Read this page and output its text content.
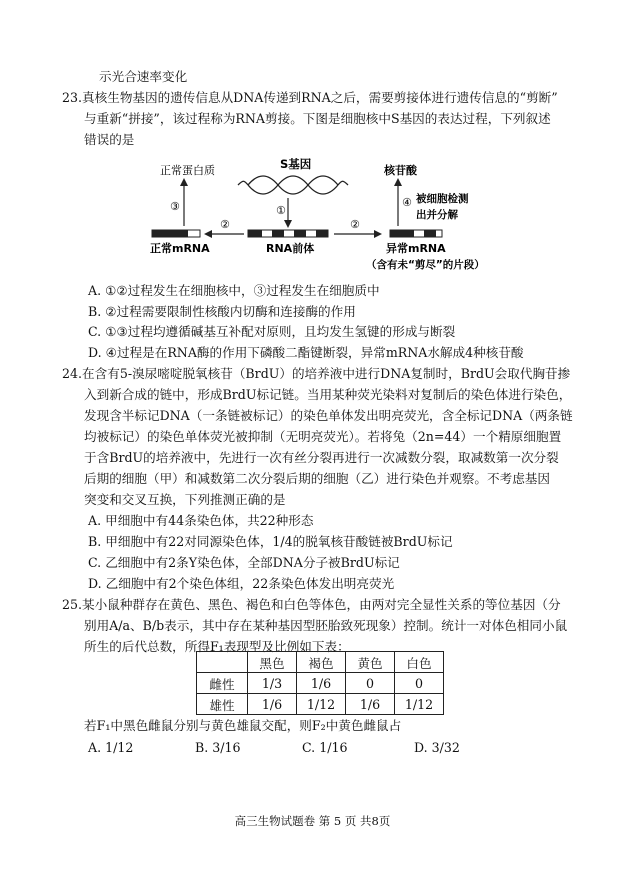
示光合速率变化
23.真核生物基因的遗传信息从DNA传递到RNA之后，需要剪接体进行遗传信息的“剪断”
与重新“拼接”，该过程称为RNA剪接。下图是细胞核中S基因的表达过程，下列叙述
错误的是
S基因
①
RNA前体
②
正常mRNA
③
正常蛋白质
②
异常mRNA
（含有未“剪尽”的片段）
④
核苷酸
被细胞检测
出并分解
A. ①②过程发生在细胞核中，③过程发生在细胞质中
B. ②过程需要限制性核酸内切酶和连接酶的作用
C. ①③过程均遵循碱基互补配对原则，且均发生氢键的形成与断裂
D. ④过程是在RNA酶的作用下磷酸二酯键断裂，异常mRNA水解成4种核苷酸
24.在含有5-溴尿嘧啶脱氧核苷（BrdU）的培养液中进行DNA复制时，BrdU会取代胸苷掺
入到新合成的链中，形成BrdU标记链。当用某种荧光染料对复制后的染色体进行染色，
发现含半标记DNA（一条链被标记）的染色单体发出明亮荧光，含全标记DNA（两条链
均被标记）的染色单体荧光被抑制（无明亮荧光）。若将兔（2n=44）一个精原细胞置
于含BrdU的培养液中，先进行一次有丝分裂再进行一次减数分裂，取减数第一次分裂
后期的细胞（甲）和减数第二次分裂后期的细胞（乙）进行染色并观察。不考虑基因
突变和交叉互换，下列推测正确的是
A. 甲细胞中有44条染色体，共22种形态
B. 甲细胞中有22对同源染色体，1/4的脱氧核苷酸链被BrdU标记
C. 乙细胞中有2条Y染色体，全部DNA分子被BrdU标记
D. 乙细胞中有2个染色体组，22条染色体发出明亮荧光
25.某小鼠种群存在黄色、黑色、褐色和白色等体色，由两对完全显性关系的等位基因（分
别用A/a、B/b表示，其中存在某种基因型胚胎致死现象）控制。统计一对体色相同小鼠
所生的后代总数，所得F₁表现型及比例如下表：
	黑色	褐色	黄色	白色
雌性	1/3	1/6	0	0
雄性	1/6	1/12	1/6	1/12
若F₁中黑色雌鼠分别与黄色雄鼠交配，则F₂中黄色雌鼠占
A. 1/12	B. 3/16	C. 1/16	D. 3/32
高三生物试题卷 第 5 页 共8页
